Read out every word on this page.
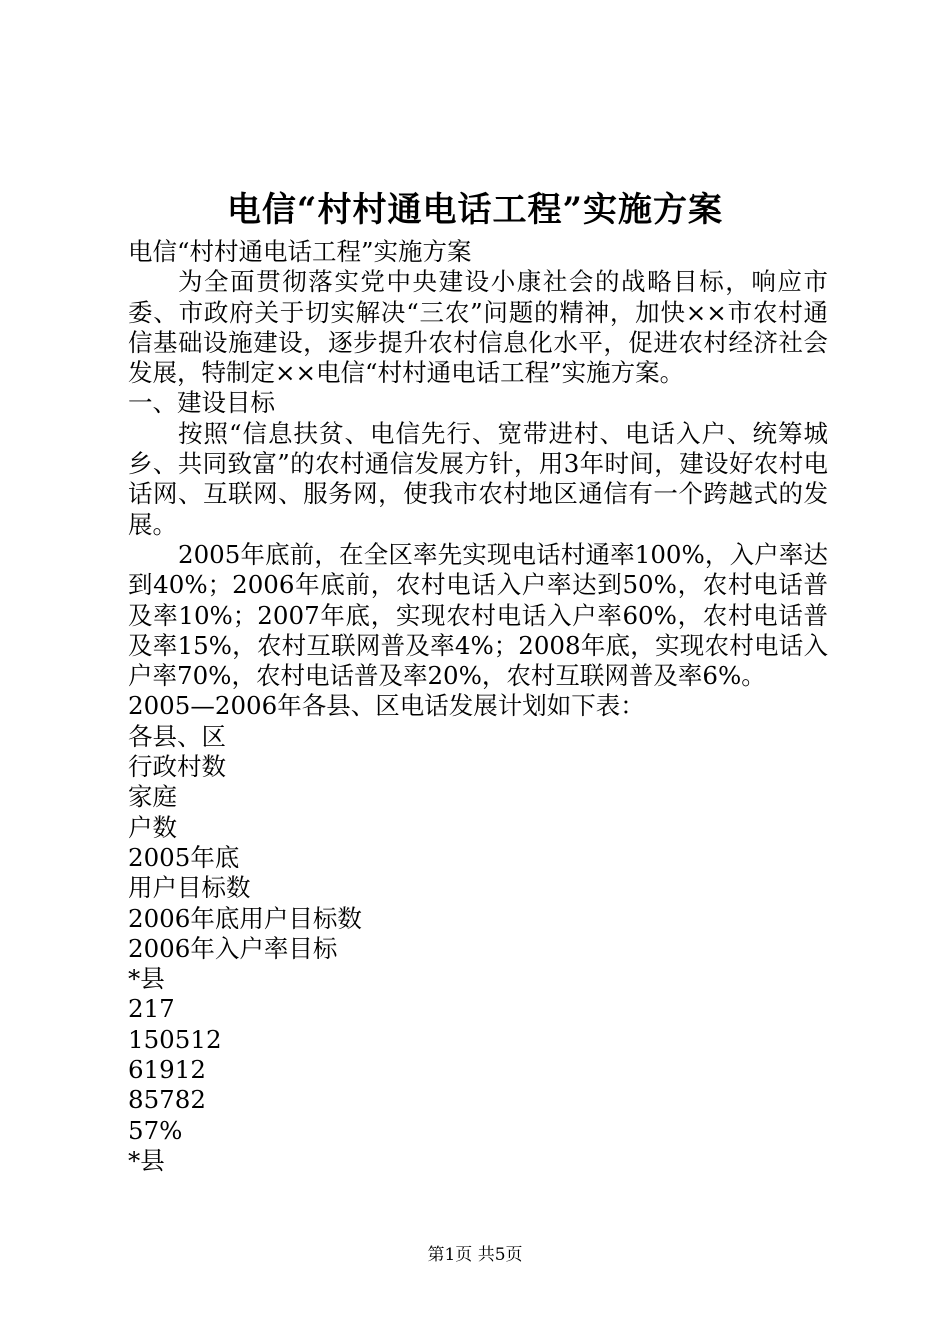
电信“村村通电话工程”实施方案

电信“村村通电话工程”实施方案

为全面贯彻落实党中央建设小康社会的战略目标，响应市委、市政府关于切实解决“三农”问题的精神，加快××市农村通信基础设施建设，逐步提升农村信息化水平，促进农村经济社会发展，特制定××电信“村村通电话工程”实施方案。

一、建设目标

按照“信息扶贫、电信先行、宽带进村、电话入户、统筹城乡、共同致富”的农村通信发展方针，用3年时间，建设好农村电话网、互联网、服务网，使我市农村地区通信有一个跨越式的发展。

2005年底前，在全区率先实现电话村通率100%，入户率达到40%；2006年底前，农村电话入户率达到50%，农村电话普及率10%；2007年底，实现农村电话入户率60%，农村电话普及率15%，农村互联网普及率4%；2008年底，实现农村电话入户率70%，农村电话普及率20%，农村互联网普及率6%。

2005—2006年各县、区电话发展计划如下表：

各县、区

行政村数

家庭

户数

2005年底

用户目标数

2006年底用户目标数

2006年入户率目标

*县

217

150512

61912

85782

57%

*县

第1页 共5页
